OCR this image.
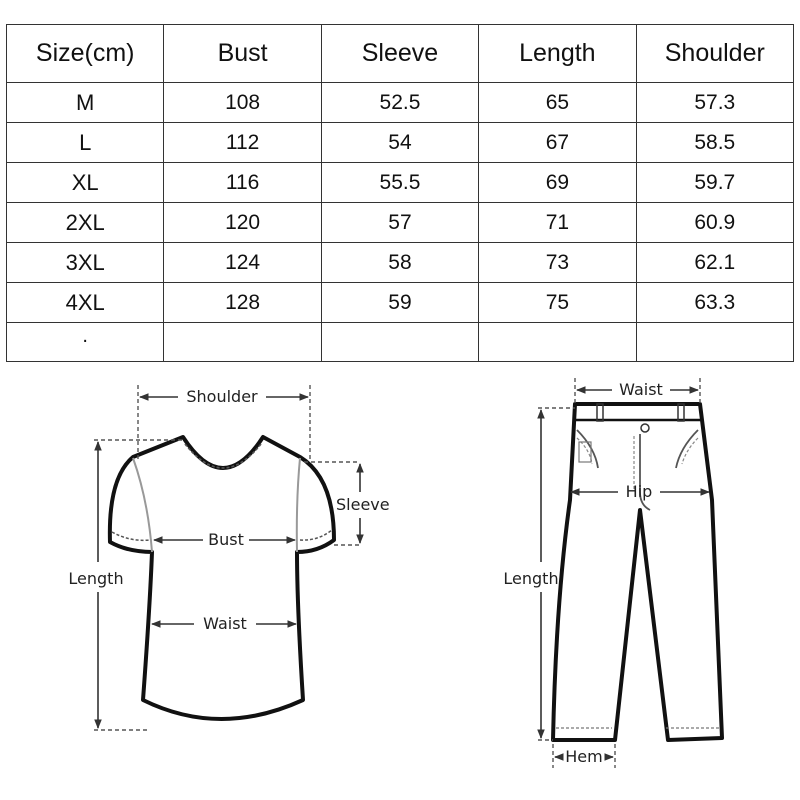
Size(cm)	Bust	Sleeve	Length	Shoulder
M	108	52.5	65	57.3
L	112	54	67	58.5
XL	116	55.5	69	59.7
2XL	120	57	71	60.9
3XL	124	58	73	62.1
4XL	128	59	75	63.3
.				
Shoulder
Sleeve
Bust
Waist
Length
Waist
Hip
Length
Hem
